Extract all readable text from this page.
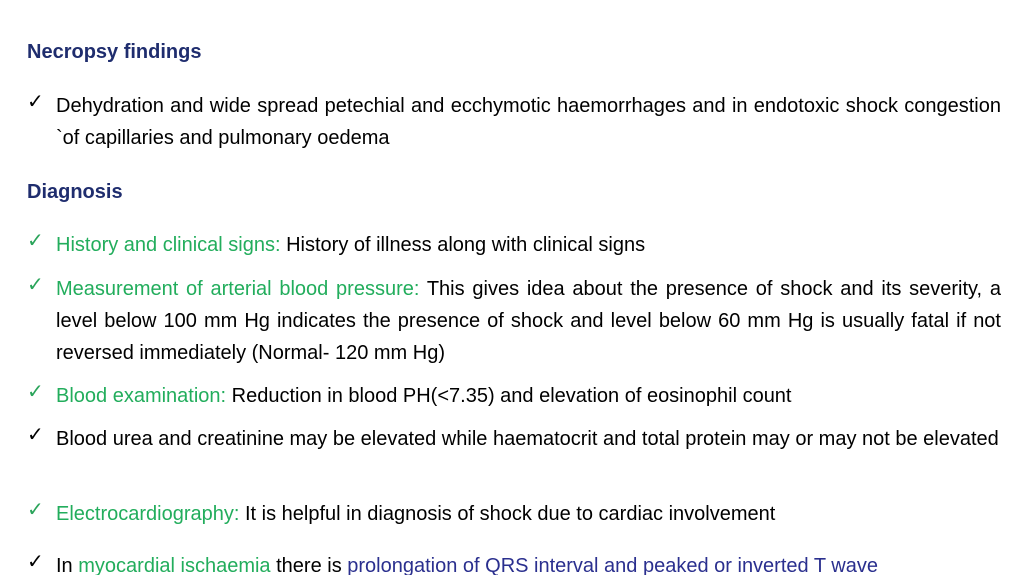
Necropsy findings
✓ Dehydration and wide spread petechial and ecchymotic haemorrhages and in endotoxic shock congestion `of capillaries and pulmonary oedema
Diagnosis
✓ History and clinical signs: History of illness along with clinical signs
✓ Measurement of arterial blood pressure: This gives idea about the presence of shock and its severity, a level below 100 mm Hg indicates the presence of shock and level below 60 mm Hg is usually fatal if not reversed immediately (Normal- 120 mm Hg)
✓ Blood examination: Reduction in blood PH(<7.35) and elevation of eosinophil count
✓ Blood urea and creatinine may be elevated while haematocrit and total protein may or may not be elevated
✓ Electrocardiography: It is helpful in diagnosis of shock due to cardiac involvement
✓ In myocardial ischaemia there is prolongation of QRS interval and peaked or inverted T wave
